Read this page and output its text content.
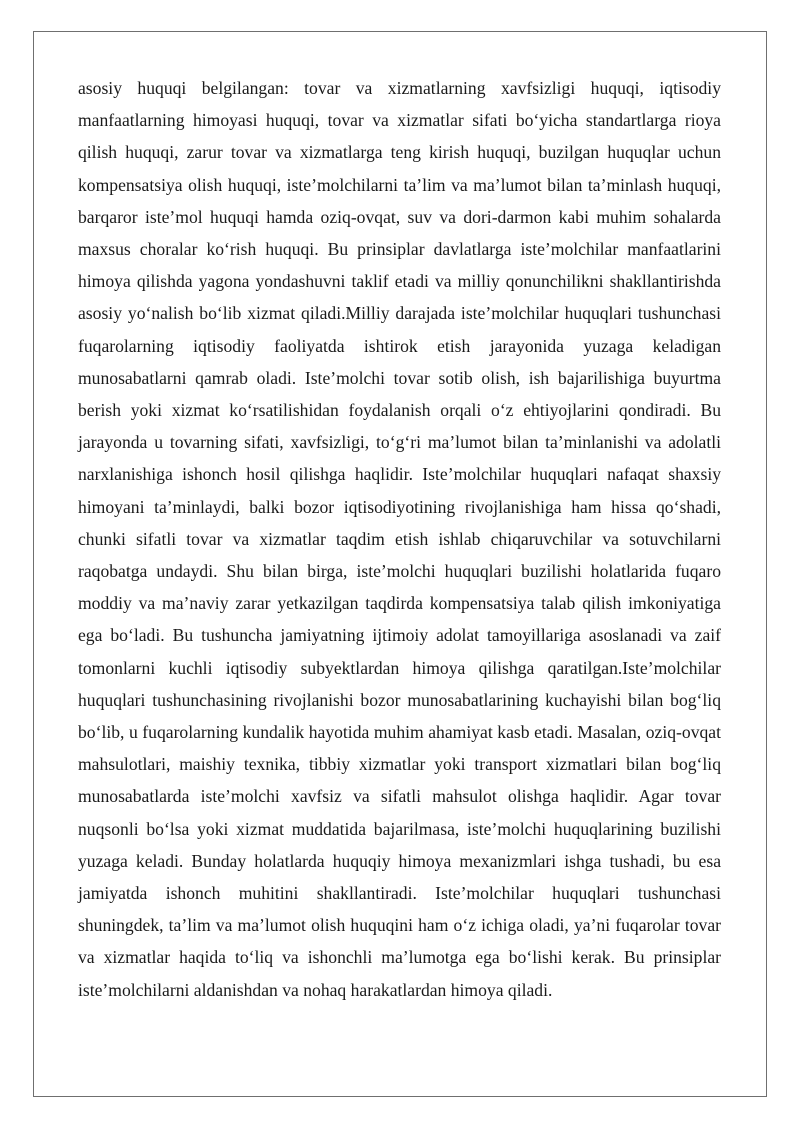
asosiy huquqi belgilangan: tovar va xizmatlarning xavfsizligi huquqi, iqtisodiy manfaatlarning himoyasi huquqi, tovar va xizmatlar sifati bo‘yicha standartlarga rioya qilish huquqi, zarur tovar va xizmatlarga teng kirish huquqi, buzilgan huquqlar uchun kompensatsiya olish huquqi, iste’molchilarni ta’lim va ma’lumot bilan ta’minlash huquqi, barqaror iste’mol huquqi hamda oziq-ovqat, suv va dori-darmon kabi muhim sohalarda maxsus choralar ko‘rish huquqi. Bu prinsiplar davlatlarga iste’molchilar manfaatlarini himoya qilishda yagona yondashuvni taklif etadi va milliy qonunchilikni shakllantirishda asosiy yo‘nalish bo‘lib xizmat qiladi.Milliy darajada iste’molchilar huquqlari tushunchasi fuqarolarning iqtisodiy faoliyatda ishtirok etish jarayonida yuzaga keladigan munosabatlarni qamrab oladi. Iste’molchi tovar sotib olish, ish bajarilishiga buyurtma berish yoki xizmat ko‘rsatilishidan foydalanish orqali o‘z ehtiyojlarini qondiradi. Bu jarayonda u tovarning sifati, xavfsizligi, to‘g‘ri ma’lumot bilan ta’minlanishi va adolatli narxlanishiga ishonch hosil qilishga haqlidir. Iste’molchilar huquqlari nafaqat shaxsiy himoyani ta’minlaydi, balki bozor iqtisodiyotining rivojlanishiga ham hissa qo‘shadi, chunki sifatli tovar va xizmatlar taqdim etish ishlab chiqaruvchilar va sotuvchilarni raqobatga undaydi. Shu bilan birga, iste’molchi huquqlari buzilishi holatlarida fuqaro moddiy va ma’naviy zarar yetkazilgan taqdirda kompensatsiya talab qilish imkoniyatiga ega bo‘ladi. Bu tushuncha jamiyatning ijtimoiy adolat tamoyillariga asoslanadi va zaif tomonlarni kuchli iqtisodiy subyektlardan himoya qilishga qaratilgan.Iste’molchilar huquqlari tushunchasining rivojlanishi bozor munosabatlarining kuchayishi bilan bog‘liq bo‘lib, u fuqarolarning kundalik hayotida muhim ahamiyat kasb etadi. Masalan, oziq-ovqat mahsulotlari, maishiy texnika, tibbiy xizmatlar yoki transport xizmatlari bilan bog‘liq munosabatlarda iste’molchi xavfsiz va sifatli mahsulot olishga haqlidir. Agar tovar nuqsonli bo‘lsa yoki xizmat muddatida bajarilmasa, iste’molchi huquqlarining buzilishi yuzaga keladi. Bunday holatlarda huquqiy himoya mexanizmlari ishga tushadi, bu esa jamiyatda ishonch muhitini shakllantiradi. Iste’molchilar huquqlari tushunchasi shuningdek, ta’lim va ma’lumot olish huquqini ham o‘z ichiga oladi, ya’ni fuqarolar tovar va xizmatlar haqida to‘liq va ishonchli ma’lumotga ega bo‘lishi kerak. Bu prinsiplar iste’molchilarni aldanishdan va nohaq harakatlardan himoya qiladi.
